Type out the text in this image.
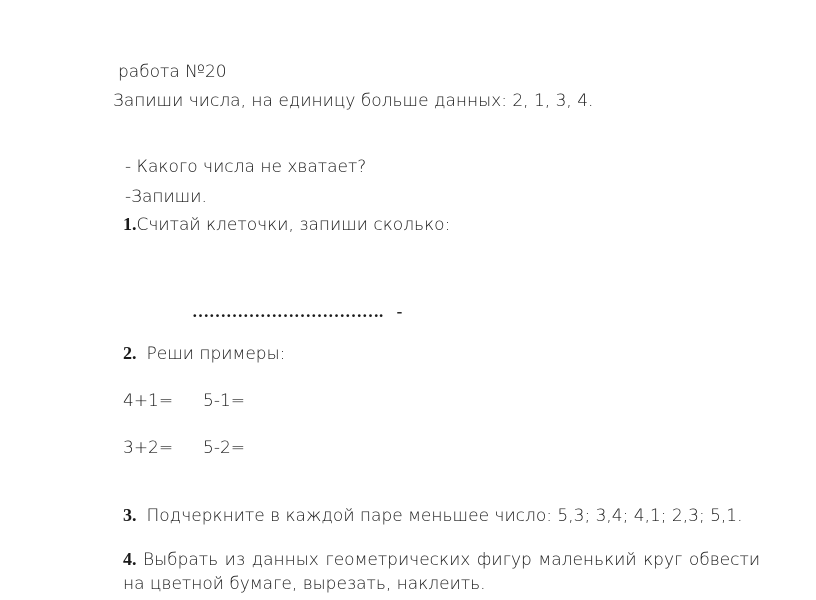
работа №20
Запиши числа, на единицу больше данных: 2, 1, 3, 4.
- Какого числа не хватает?
-Запиши.
1.Считай клеточки, запиши сколько:
……………………………. -
2. Реши примеры:
4+1= 5-1=
3+2= 5-2=
3. Подчеркните в каждой паре меньшее число: 5,3; 3,4; 4,1; 2,3; 5,1.
4. Выбрать из данных геометрических фигур маленький круг обвести на цветной бумаге, вырезать, наклеить.
